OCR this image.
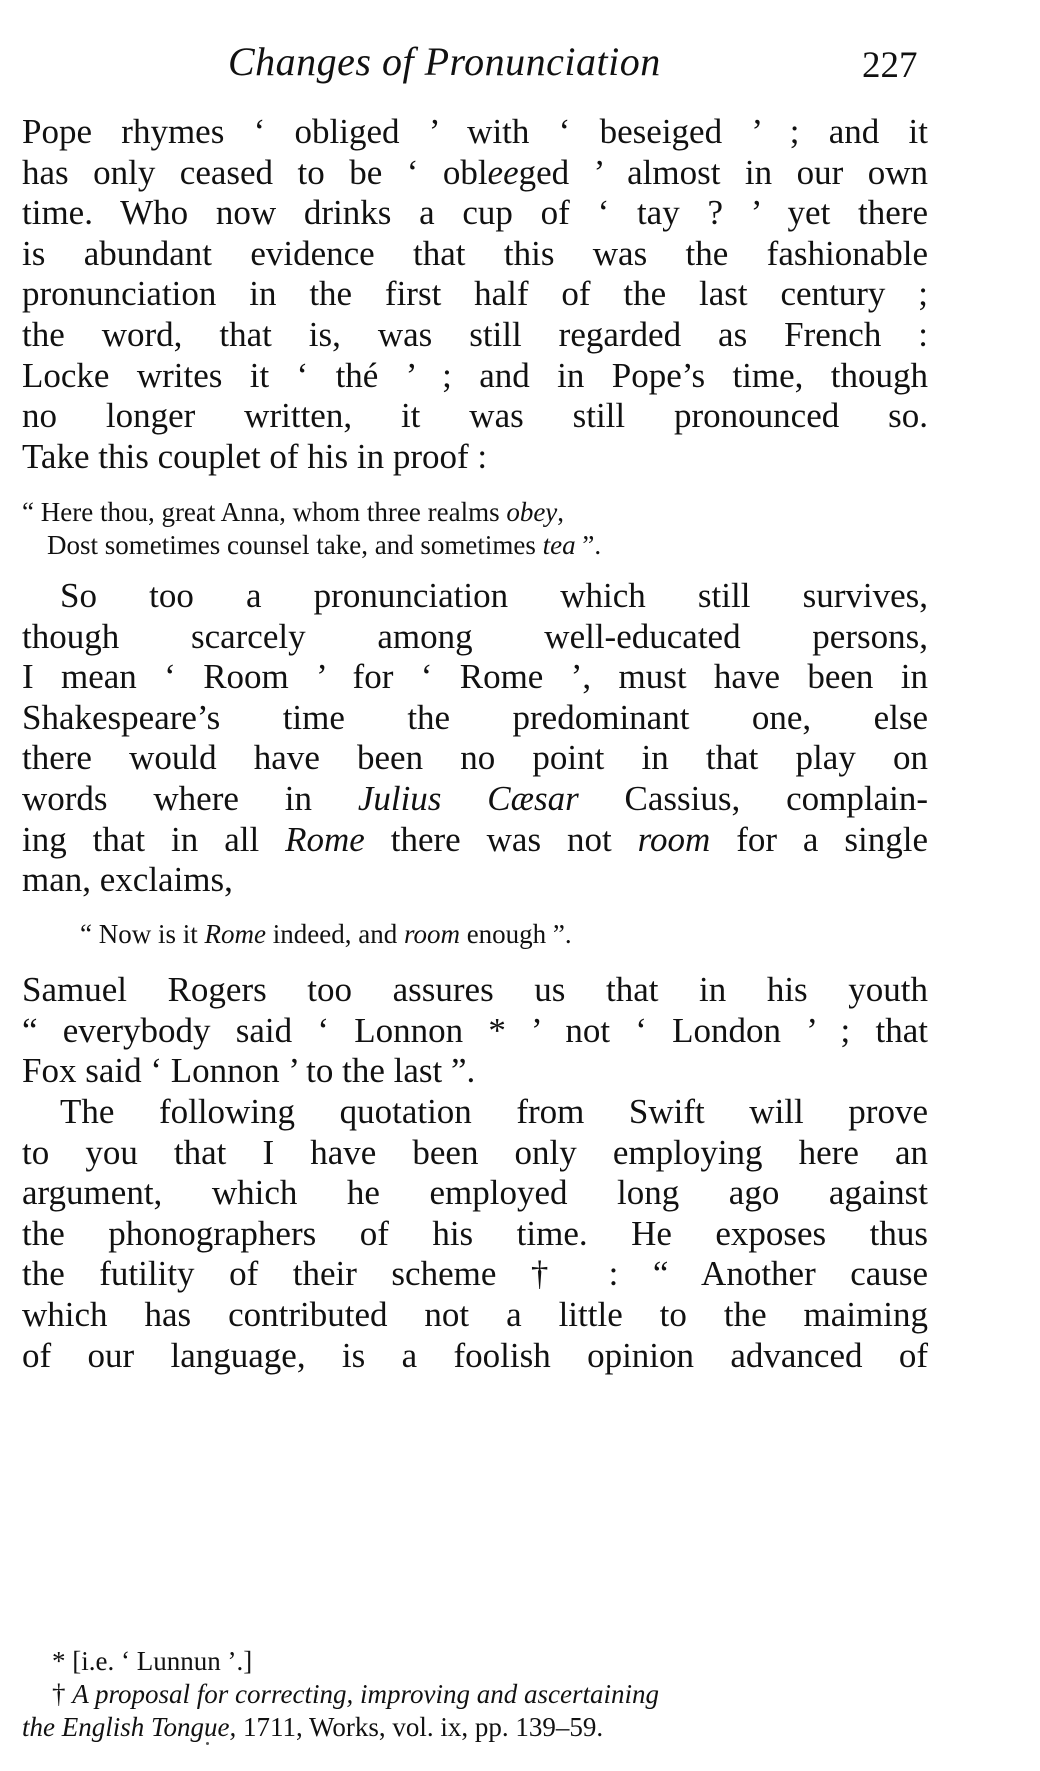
Changes of Pronunciation	227

Pope rhymes ‘ obliged ’ with ‘ beseiged ’ ; and it
has only ceased to be ‘ obleeged ’ almost in our own
time. Who now drinks a cup of ‘ tay ? ’ yet there
is abundant evidence that this was the fashionable
pronunciation in the first half of the last century ;
the word, that is, was still regarded as French :
Locke writes it ‘ thé ’ ; and in Pope’s time, though
no longer written, it was still pronounced so.
Take this couplet of his in proof :

“ Here thou, great Anna, whom three realms obey,
Dost sometimes counsel take, and sometimes tea ”.

So too a pronunciation which still survives,
though scarcely among well-educated persons,
I mean ‘ Room ’ for ‘ Rome ’, must have been in
Shakespeare’s time the predominant one, else
there would have been no point in that play on
words where in Julius Cæsar Cassius, complain-
ing that in all Rome there was not room for a single
man, exclaims,

“ Now is it Rome indeed, and room enough ”.

Samuel Rogers too assures us that in his youth
“ everybody said ‘ Lonnon * ’ not ‘ London ’ ; that
Fox said ‘ Lonnon ’ to the last ”.

The following quotation from Swift will prove
to you that I have been only employing here an
argument, which he employed long ago against
the phonographers of his time. He exposes thus
the futility of their scheme † : “ Another cause
which has contributed not a little to the maiming
of our language, is a foolish opinion advanced of

* [i.e. ‘ Lunnun ’.]
† A proposal for correcting, improving and ascertaining
the English Tongue, 1711, Works, vol. ix, pp. 139–59.
